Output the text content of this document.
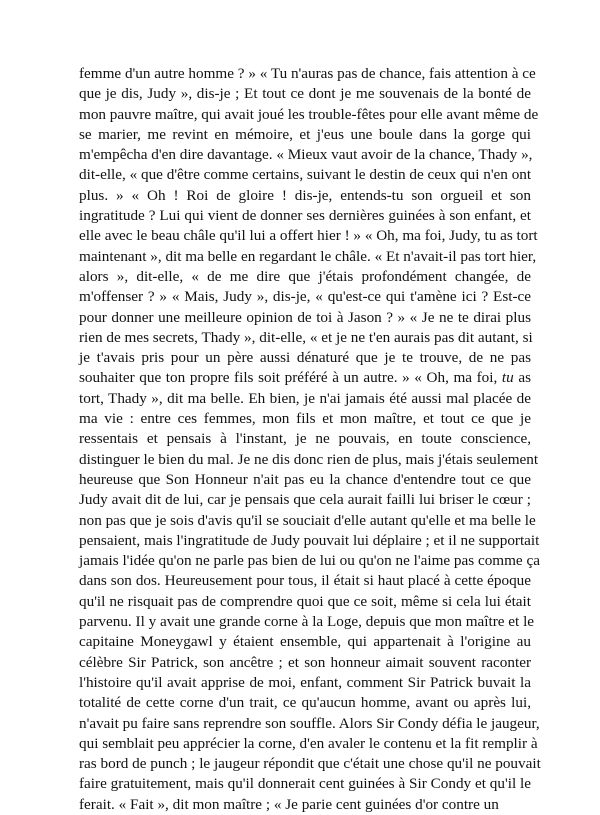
femme d'un autre homme ? » « Tu n'auras pas de chance, fais attention à ce
que je dis, Judy », dis-je ; Et tout ce dont je me souvenais de la bonté de
mon pauvre maître, qui avait joué les trouble-fêtes pour elle avant même de
se marier, me revint en mémoire, et j'eus une boule dans la gorge qui
m'empêcha d'en dire davantage. « Mieux vaut avoir de la chance, Thady »,
dit-elle, « que d'être comme certains, suivant le destin de ceux qui n'en ont
plus. » « Oh ! Roi de gloire ! dis-je, entends-tu son orgueil et son
ingratitude ? Lui qui vient de donner ses dernières guinées à son enfant, et
elle avec le beau châle qu'il lui a offert hier ! » « Oh, ma foi, Judy, tu as tort
maintenant », dit ma belle en regardant le châle. « Et n'avait-il pas tort hier,
alors », dit-elle, « de me dire que j'étais profondément changée, de
m'offenser ? » « Mais, Judy », dis-je, « qu'est-ce qui t'amène ici ? Est-ce
pour donner une meilleure opinion de toi à Jason ? » « Je ne te dirai plus
rien de mes secrets, Thady », dit-elle, « et je ne t'en aurais pas dit autant, si
je t'avais pris pour un père aussi dénaturé que je te trouve, de ne pas
souhaiter que ton propre fils soit préféré à un autre. » « Oh, ma foi, tu as
tort, Thady », dit ma belle. Eh bien, je n'ai jamais été aussi mal placée de
ma vie : entre ces femmes, mon fils et mon maître, et tout ce que je
ressentais et pensais à l'instant, je ne pouvais, en toute conscience,
distinguer le bien du mal. Je ne dis donc rien de plus, mais j'étais seulement
heureuse que Son Honneur n'ait pas eu la chance d'entendre tout ce que
Judy avait dit de lui, car je pensais que cela aurait failli lui briser le cœur ;
non pas que je sois d'avis qu'il se souciait d'elle autant qu'elle et ma belle le
pensaient, mais l'ingratitude de Judy pouvait lui déplaire ; et il ne supportait
jamais l'idée qu'on ne parle pas bien de lui ou qu'on ne l'aime pas comme ça
dans son dos. Heureusement pour tous, il était si haut placé à cette époque
qu'il ne risquait pas de comprendre quoi que ce soit, même si cela lui était
parvenu. Il y avait une grande corne à la Loge, depuis que mon maître et le
capitaine Moneygawl y étaient ensemble, qui appartenait à l'origine au
célèbre Sir Patrick, son ancêtre ; et son honneur aimait souvent raconter
l'histoire qu'il avait apprise de moi, enfant, comment Sir Patrick buvait la
totalité de cette corne d'un trait, ce qu'aucun homme, avant ou après lui,
n'avait pu faire sans reprendre son souffle. Alors Sir Condy défia le jaugeur,
qui semblait peu apprécier la corne, d'en avaler le contenu et la fit remplir à
ras bord de punch ; le jaugeur répondit que c'était une chose qu'il ne pouvait
faire gratuitement, mais qu'il donnerait cent guinées à Sir Condy et qu'il le
ferait. « Fait », dit mon maître ; « Je parie cent guinées d'or contre un
